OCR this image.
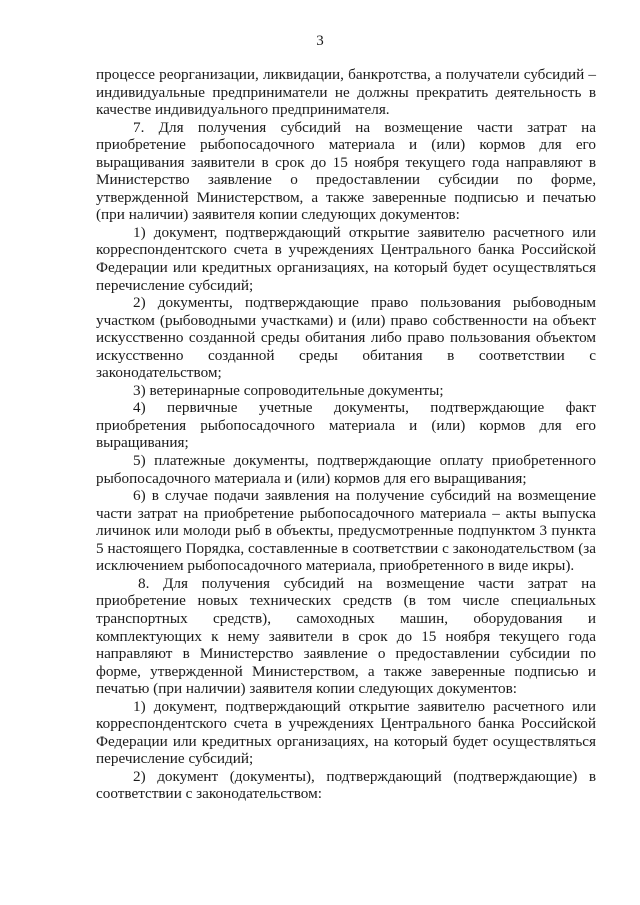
3

процессе реорганизации, ликвидации, банкротства, а получатели субсидий – индивидуальные предприниматели не должны прекратить деятельность в качестве индивидуального предпринимателя.

7. Для получения субсидий на возмещение части затрат на приобретение рыбопосадочного материала и (или) кормов для его выращивания заявители в срок до 15 ноября текущего года направляют в Министерство заявление о предоставлении субсидии по форме, утвержденной Министерством, а также заверенные подписью и печатью (при наличии) заявителя копии следующих документов:

1) документ, подтверждающий открытие заявителю расчетного или корреспондентского счета в учреждениях Центрального банка Российской Федерации или кредитных организациях, на который будет осуществляться перечисление субсидий;

2) документы, подтверждающие право пользования рыбоводным участком (рыбоводными участками) и (или) право собственности на объект искусственно созданной среды обитания либо право пользования объектом искусственно созданной среды обитания в соответствии с законодательством;

3) ветеринарные сопроводительные документы;

4) первичные учетные документы, подтверждающие факт приобретения рыбопосадочного материала и (или) кормов для его выращивания;

5) платежные документы, подтверждающие оплату приобретенного рыбопосадочного материала и (или) кормов для его выращивания;

6) в случае подачи заявления на получение субсидий на возмещение части затрат на приобретение рыбопосадочного материала – акты выпуска личинок или молоди рыб в объекты, предусмотренные подпунктом 3 пункта 5 настоящего Порядка, составленные в соответствии с законодательством (за исключением рыбопосадочного материала, приобретенного в виде икры).

8. Для получения субсидий на возмещение части затрат на приобретение новых технических средств (в том числе специальных транспортных средств), самоходных машин, оборудования и комплектующих к нему заявители в срок до 15 ноября текущего года направляют в Министерство заявление о предоставлении субсидии по форме, утвержденной Министерством, а также заверенные подписью и печатью (при наличии) заявителя копии следующих документов:

1) документ, подтверждающий открытие заявителю расчетного или корреспондентского счета в учреждениях Центрального банка Российской Федерации или кредитных организациях, на который будет осуществляться перечисление субсидий;

2) документ (документы), подтверждающий (подтверждающие) в соответствии с законодательством:
